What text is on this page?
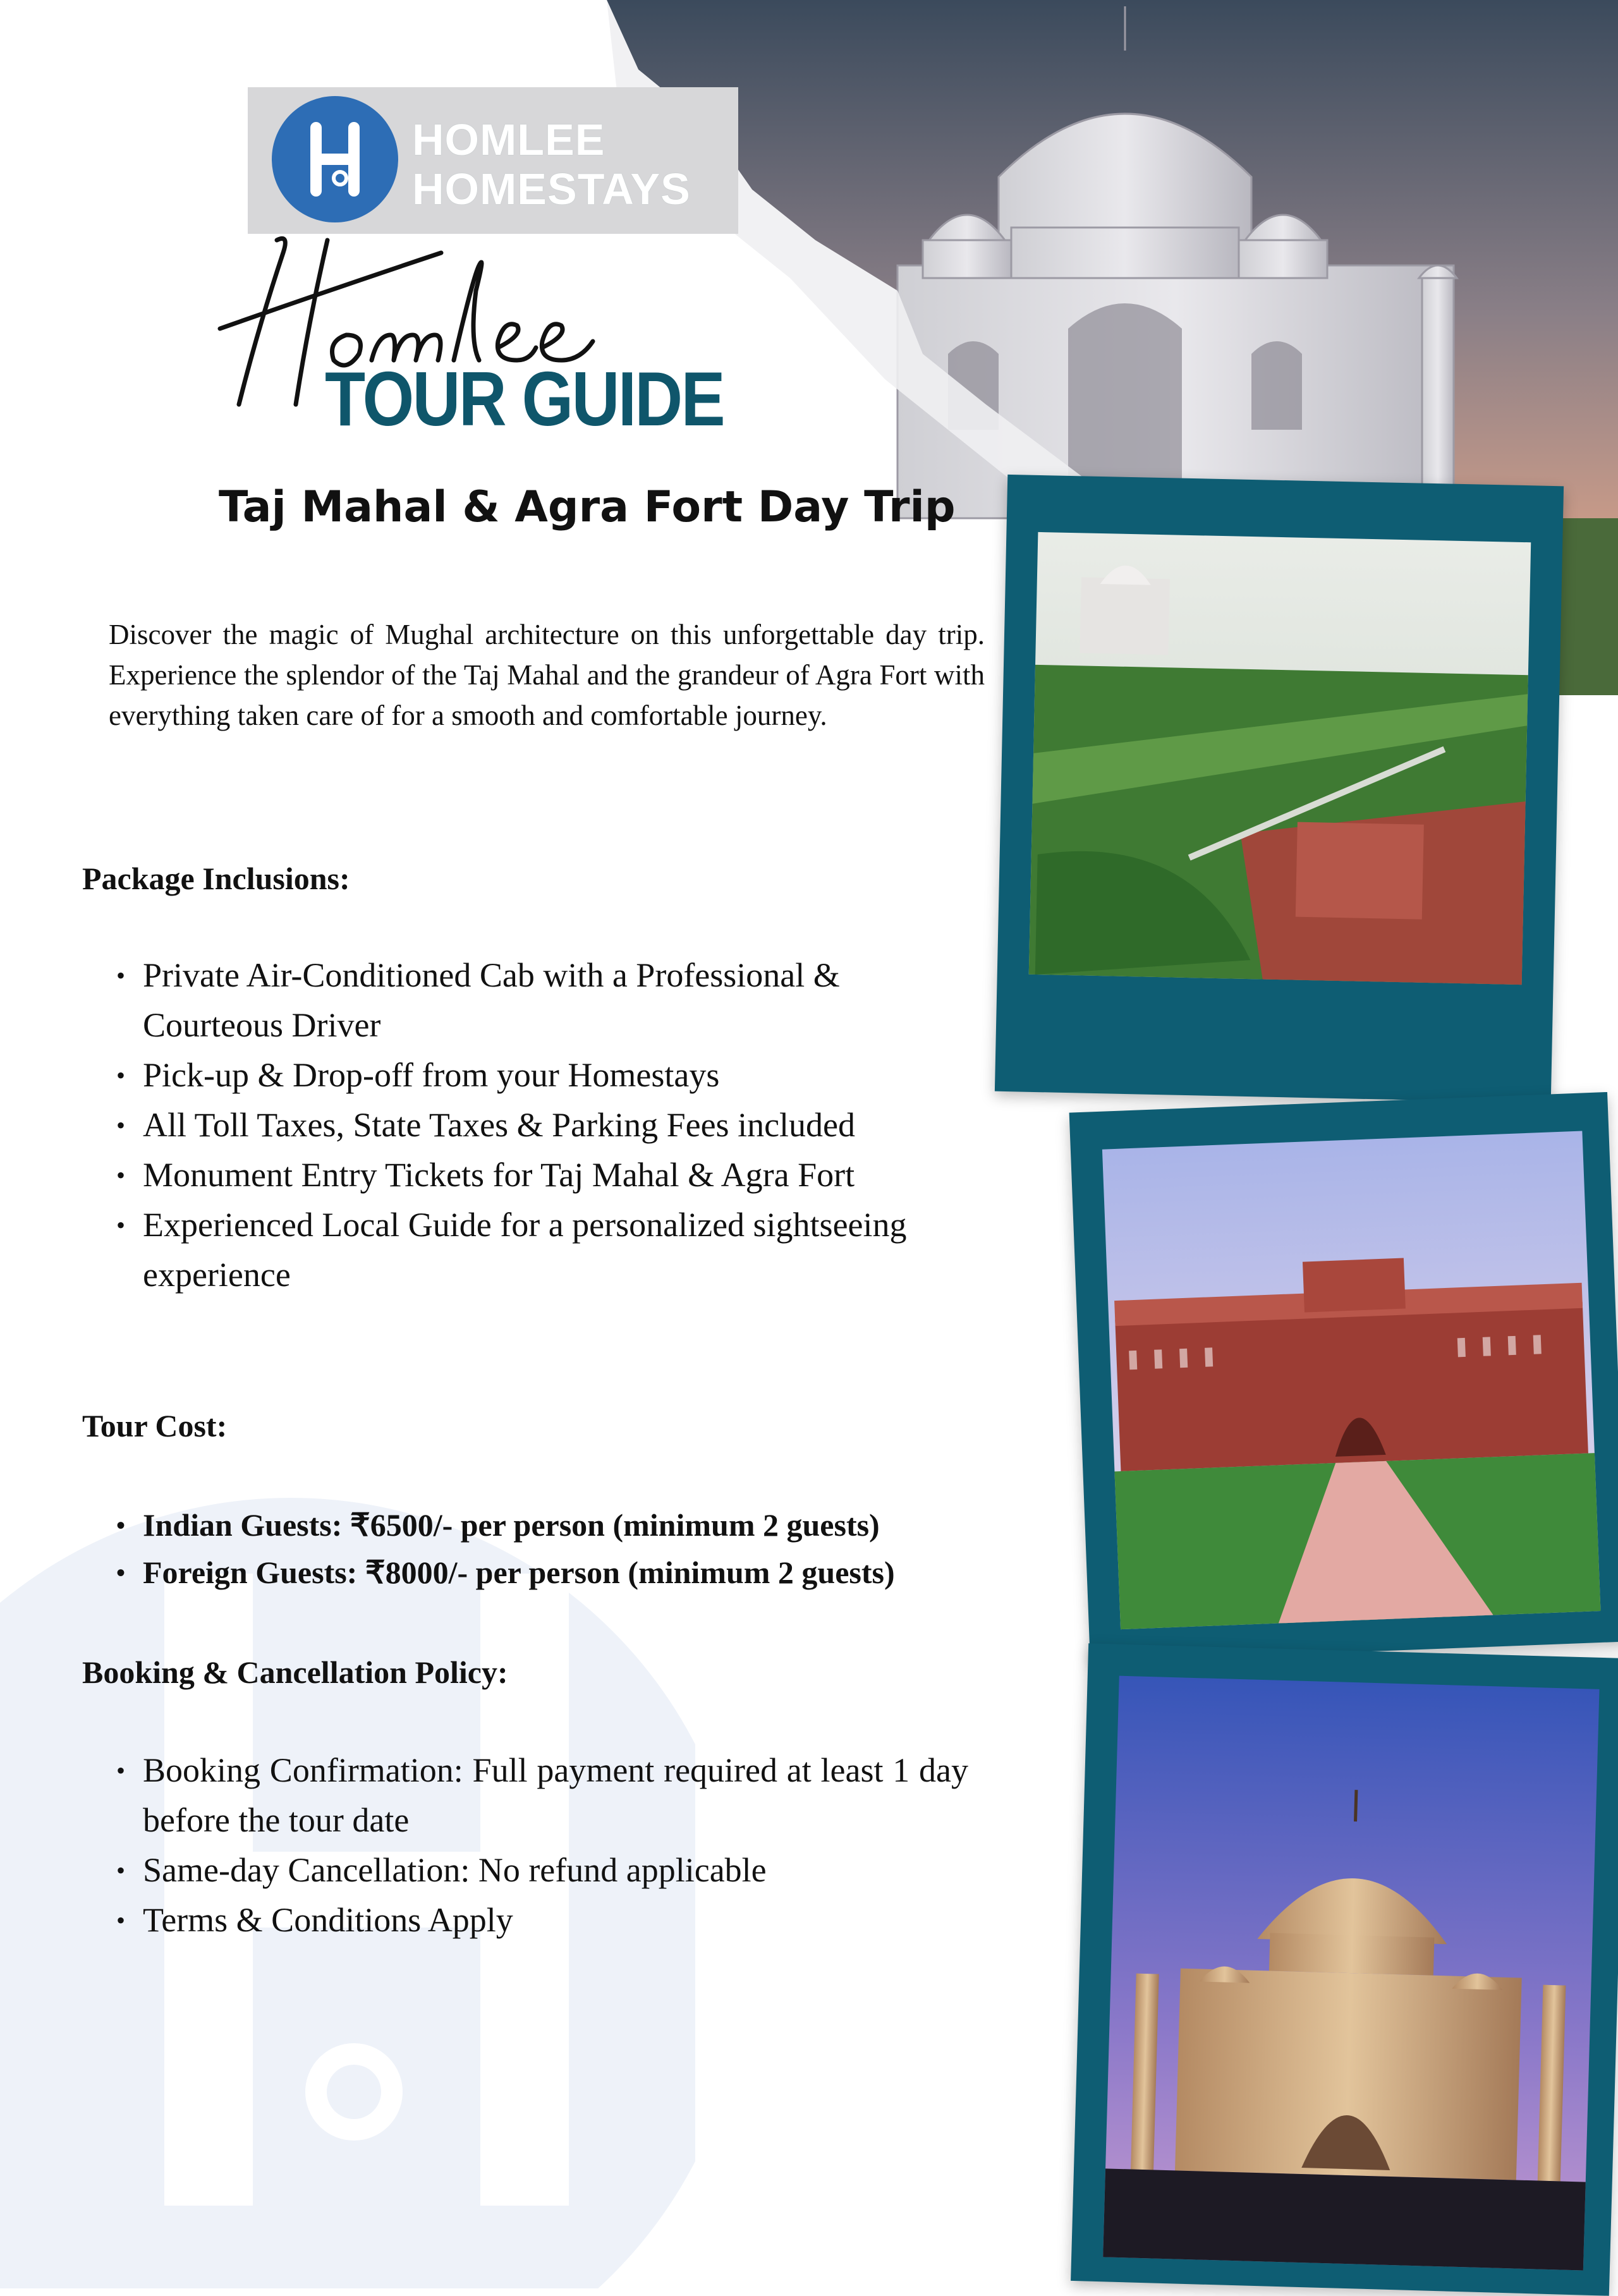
HOMLEE
HOMESTAYS
TOUR GUIDE
Taj Mahal & Agra Fort Day Trip
Discover the magic of Mughal architecture on this unforgettable day trip. Experience the splendor of the Taj Mahal and the grandeur of Agra Fort with everything taken care of for a smooth and comfortable journey.
Package Inclusions:
• Private Air-Conditioned Cab with a Professional & Courteous Driver
• Pick-up & Drop-off from your Homestays
• All Toll Taxes, State Taxes & Parking Fees included
• Monument Entry Tickets for Taj Mahal & Agra Fort
• Experienced Local Guide for a personalized sightseeing experience
Tour Cost:
• Indian Guests: ₹6500/- per person (minimum 2 guests)
• Foreign Guests: ₹8000/- per person (minimum 2 guests)
Booking & Cancellation Policy:
• Booking Confirmation: Full payment required at least 1 day before the tour date
• Same-day Cancellation: No refund applicable
• Terms & Conditions Apply
